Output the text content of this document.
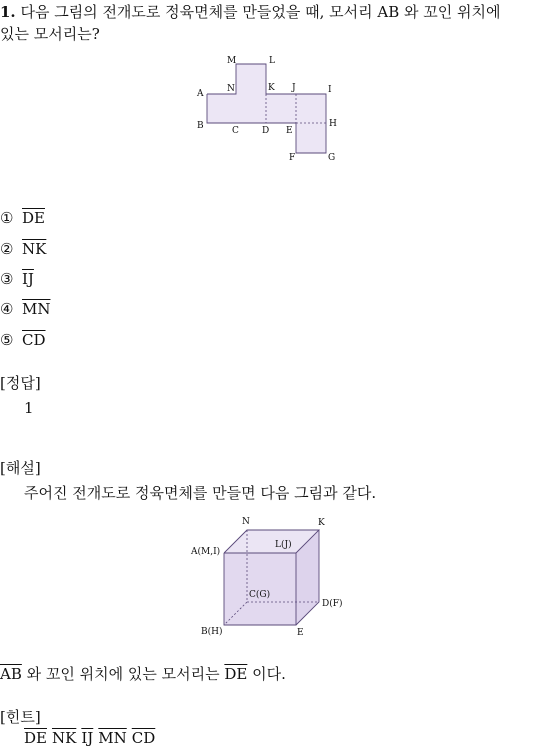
1. 다음 그림의 전개도로 정육면체를 만들었을 때, 모서리 AB 와 꼬인 위치에
있는 모서리는?
M	L
A	N	K J	I
B	C	D E
H
F	G
① $\overline{DE}$
② $\overline{NK}$
③ $\overline{IJ}$
④ $\overline{MN}$
⑤ $\overline{CD}$
[정답]
1
[해설]
주어진 전개도로 정육면체를 만들면 다음 그림과 같다.
N	K
A(M,I)
L(J)
C(G)
D(F)
B(H)	E
$\overline{AB}$ 와 꼬인 위치에 있는 모서리는 $\overline{DE}$ 이다.
[힌트]
$\overline{DE}$ $\overline{NK}$ $\overline{IJ}$ $\overline{MN}$ $\overline{CD}$
